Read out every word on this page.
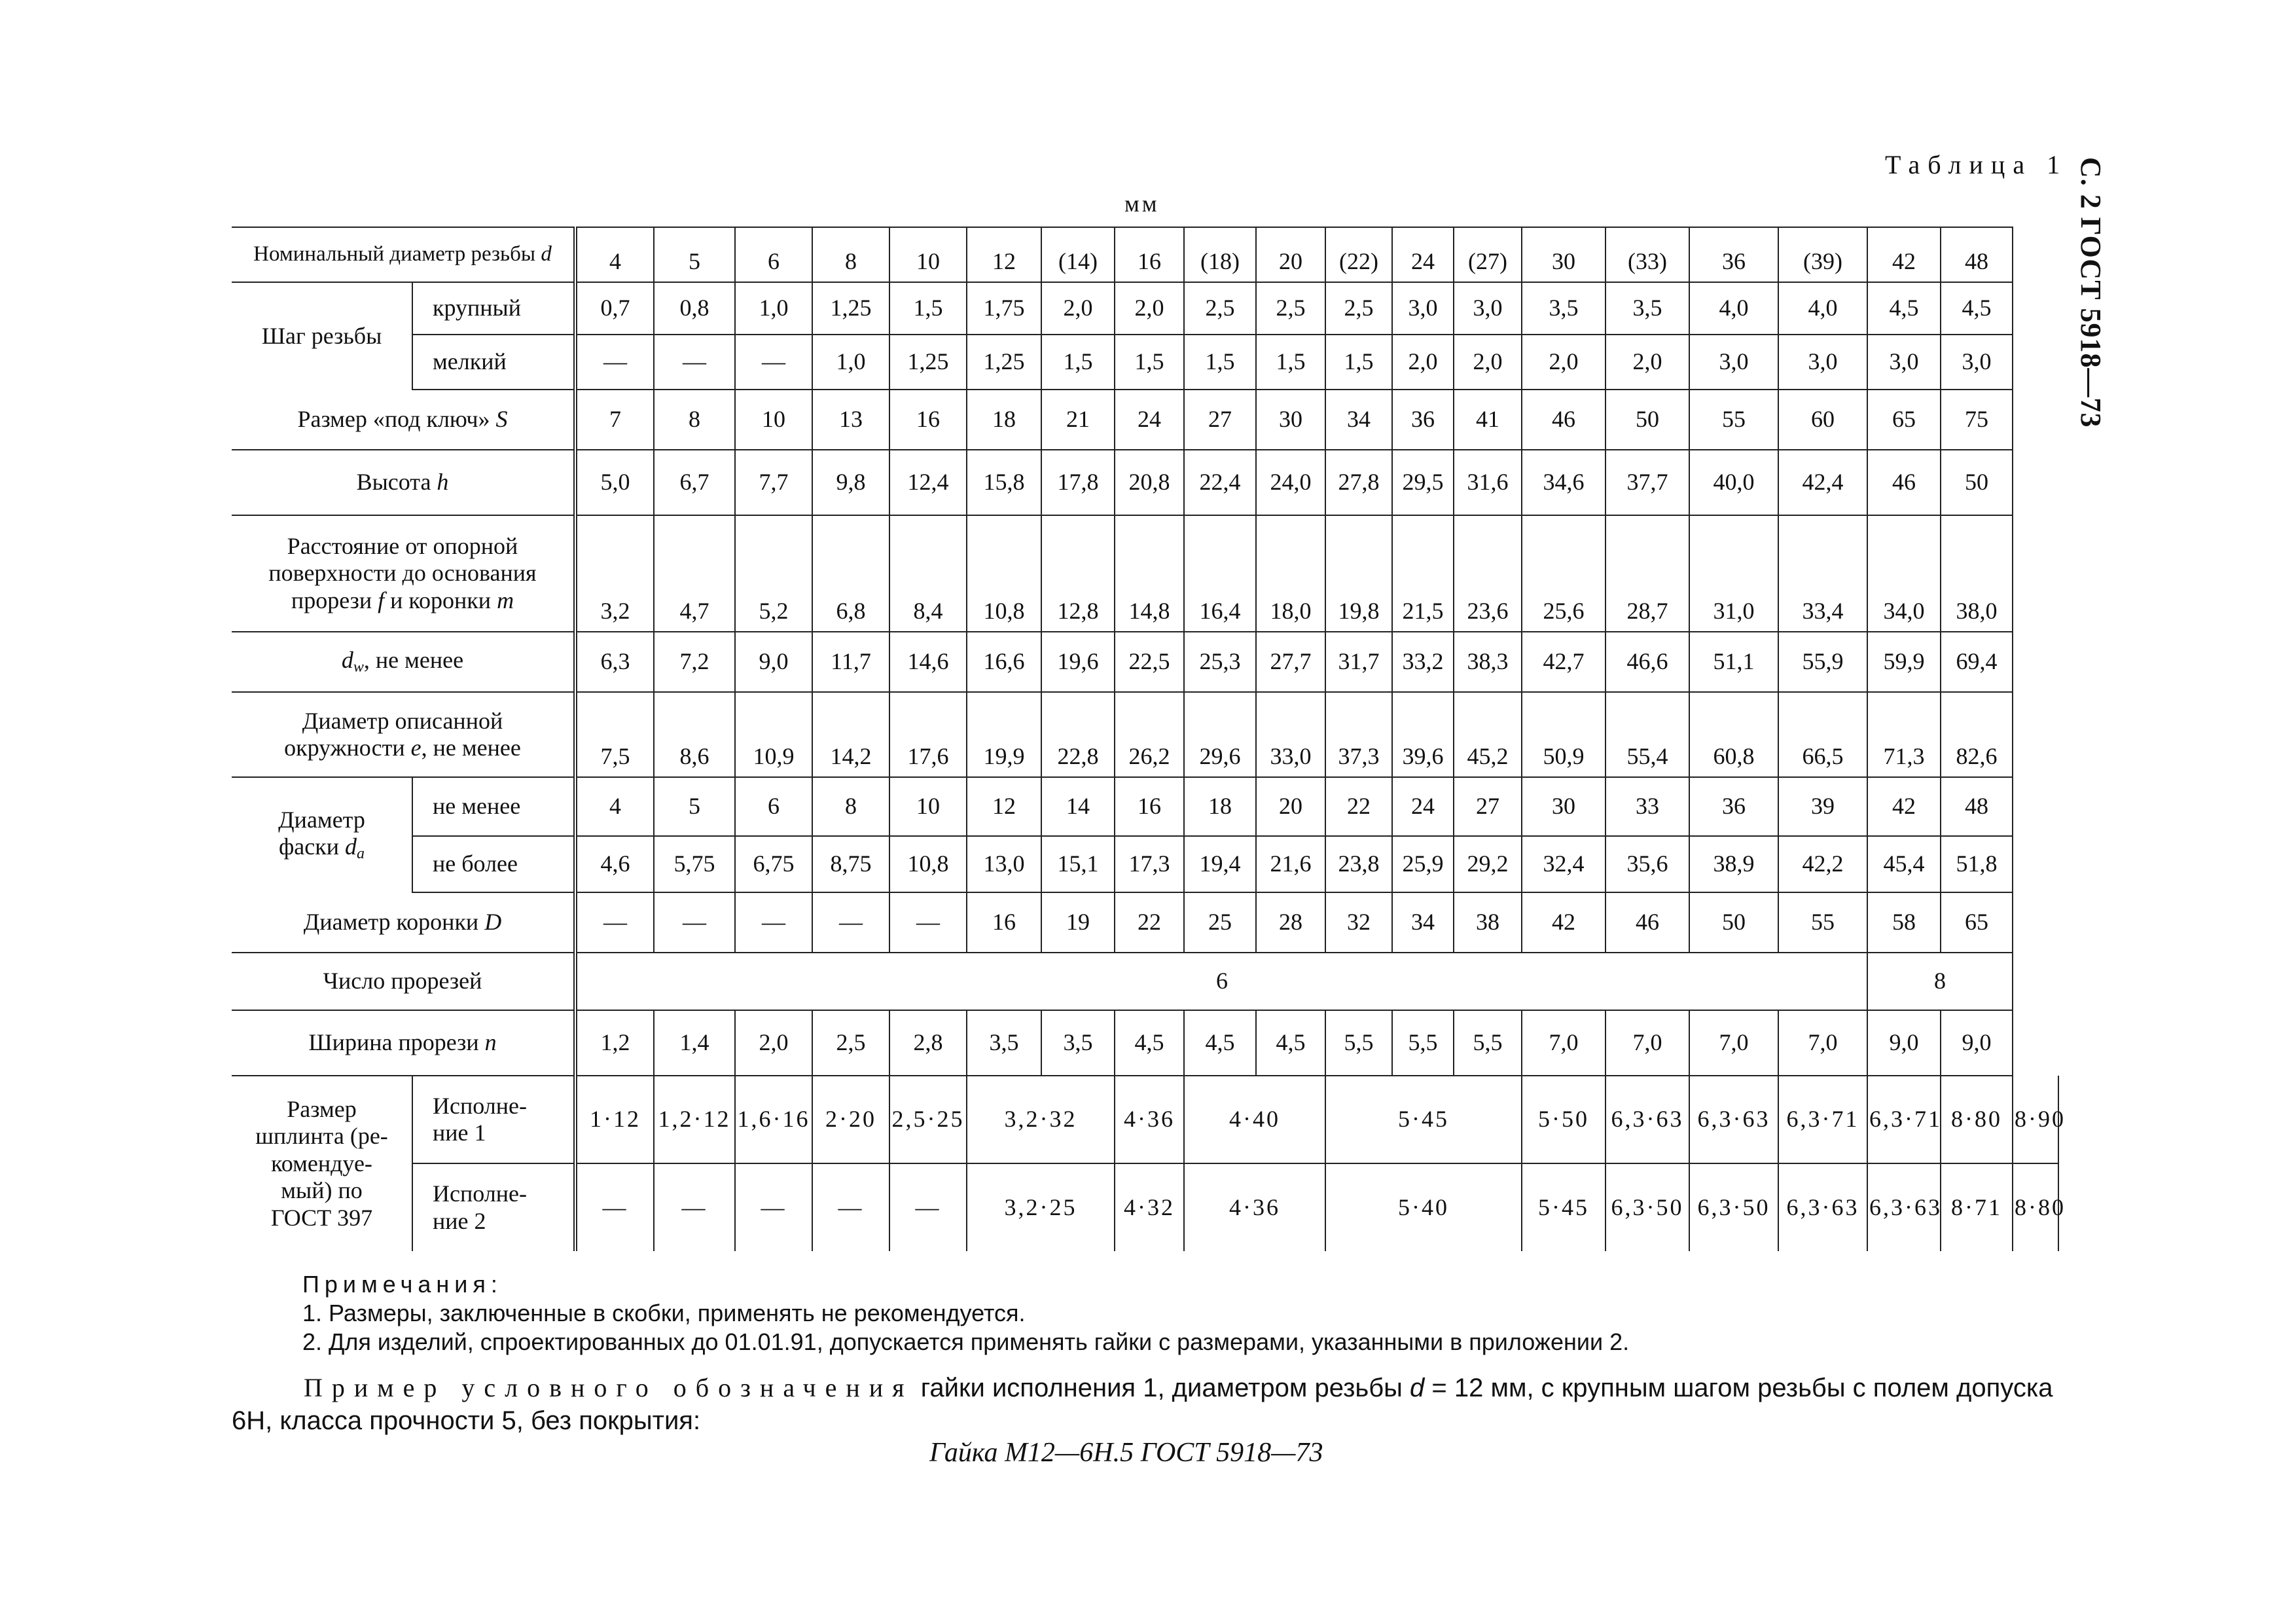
С. 2 ГОСТ 5918—73
Таблица 1
мм
Номинальный диаметр резьбы d		4	5	6	8	10	12	(14)	16	(18)	20	(22)	24	(27)	30	(33)	36	(39)	42	48	
Шаг резьбы	крупный	0,7	0,8	1,0	1,25	1,5	1,75	2,0	2,0	2,5	2,5	2,5	3,0	3,0	3,5	3,5	4,0	4,0	4,5	4,5	
	мелкий	—	—	—	1,0	1,25	1,25	1,5	1,5	1,5	1,5	1,5	2,0	2,0	2,0	2,0	3,0	3,0	3,0	3,0	
Размер «под ключ» S		7	8	10	13	16	18	21	24	27	30	34	36	41	46	50	55	60	65	75	
Высота h		5,0	6,7	7,7	9,8	12,4	15,8	17,8	20,8	22,4	24,0	27,8	29,5	31,6	34,6	37,7	40,0	42,4	46	50	
Расстояние от опорной
поверхности до основания
прорези f и коронки m		3,2	4,7	5,2	6,8	8,4	10,8	12,8	14,8	16,4	18,0	19,8	21,5	23,6	25,6	28,7	31,0	33,4	34,0	38,0	
$d_w$, не менее		6,3	7,2	9,0	11,7	14,6	16,6	19,6	22,5	25,3	27,7	31,7	33,2	38,3	42,7	46,6	51,1	55,9	59,9	69,4	
Диаметр описанной
окружности e, не менее		7,5	8,6	10,9	14,2	17,6	19,9	22,8	26,2	29,6	33,0	37,3	39,6	45,2	50,9	55,4	60,8	66,5	71,3	82,6	
Диаметр
фаски $d_a$	не менее	4	5	6	8	10	12	14	16	18	20	22	24	27	30	33	36	39	42	48	
	не более	4,6	5,75	6,75	8,75	10,8	13,0	15,1	17,3	19,4	21,6	23,8	25,9	29,2	32,4	35,6	38,9	42,2	45,4	51,8	
Диаметр коронки D		—	—	—	—	—	16	19	22	25	28	32	34	38	42	46	50	55	58	65	
Число прорезей		6																	8		
Ширина прорези n		1,2	1,4	2,0	2,5	2,8	3,5	3,5	4,5	4,5	4,5	5,5	5,5	5,5	7,0	7,0	7,0	7,0	9,0	9,0	
Размер
шплинта (ре-
комендуе-
мый) по
ГОСТ 397	Исполне-
ние 1	1·12	1,2·12	1,6·16	2·20	2,5·25	3,2·32		4·36	4·40		5·45			5·50	6,3·63	6,3·63	6,3·71	6,3·71	8·80	8·90
	Исполне-
ние 2	—	—	—	—	—	3,2·25		4·32	4·36		5·40			5·45	6,3·50	6,3·50	6,3·63	6,3·63	8·71	8·80
Примечания:
1. Размеры, заключенные в скобки, применять не рекомендуется.
2. Для изделий, спроектированных до 01.01.91, допускается применять гайки с размерами, указанными в приложении 2.
Пример условного обозначения гайки исполнения 1, диаметром резьбы d = 12 мм, с крупным шагом резьбы с полем допуска 6Н, класса прочности 5, без покрытия:
Гайка М12—6Н.5 ГОСТ 5918—73
